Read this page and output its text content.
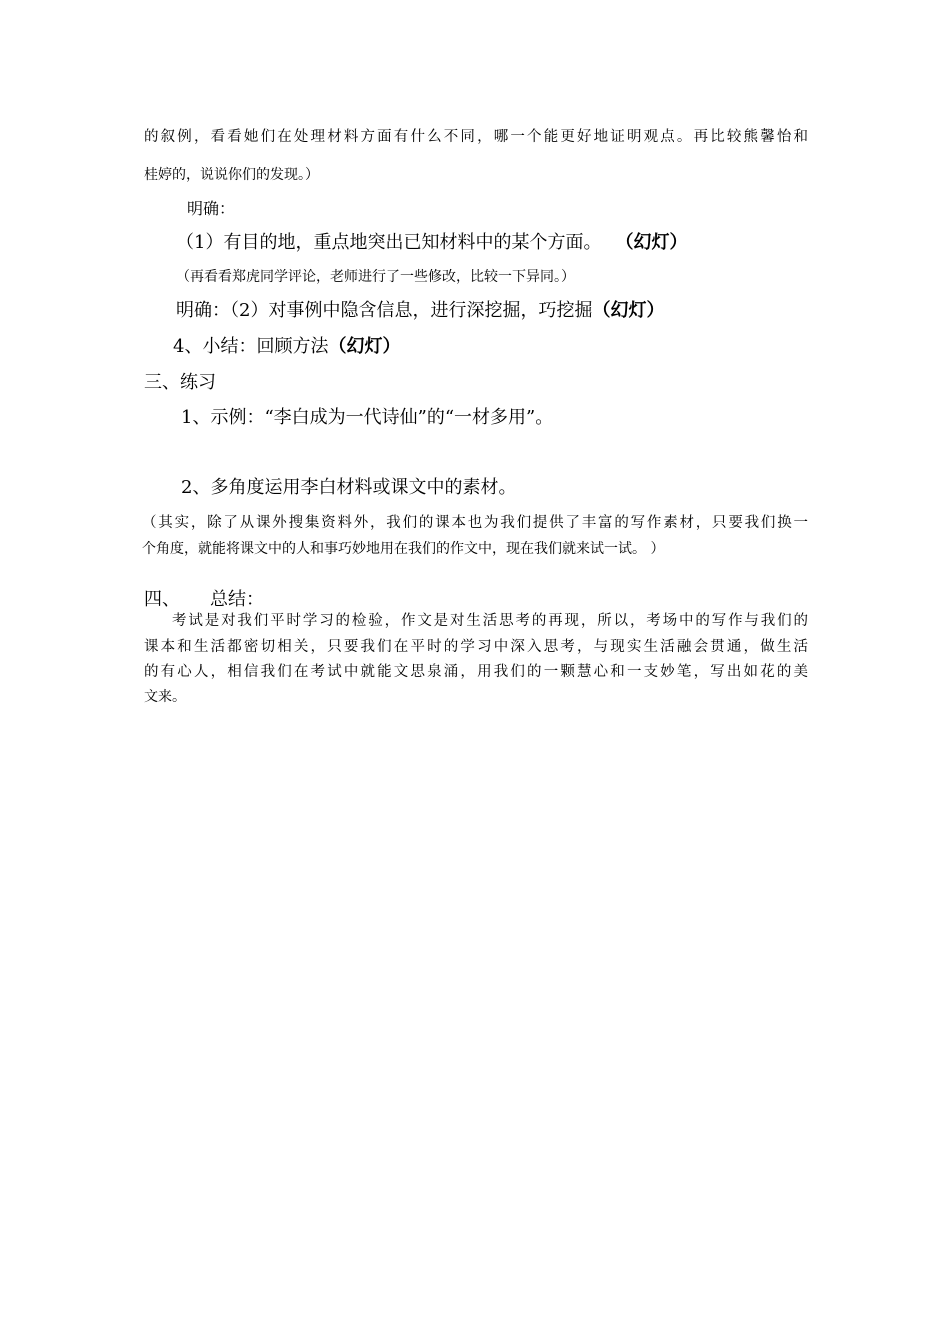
的叙例，看看她们在处理材料方面有什么不同，哪一个能更好地证明观点。再比较熊馨怡和
桂婷的，说说你们的发现。）
明确：
（1）有目的地，重点地突出已知材料中的某个方面。 （幻灯）
（再看看郑虎同学评论，老师进行了一些修改，比较一下异同。）
明确：（2）对事例中隐含信息，进行深挖掘，巧挖掘（幻灯）
4、小结：回顾方法（幻灯）
三、练习
1、示例：“李白成为一代诗仙”的“一材多用”。
2、多角度运用李白材料或课文中的素材。
（其实，除了从课外搜集资料外，我们的课本也为我们提供了丰富的写作素材，只要我们换一
个角度，就能将课文中的人和事巧妙地用在我们的作文中，现在我们就来试一试。 ）
四、 总结：
考试是对我们平时学习的检验，作文是对生活思考的再现，所以，考场中的写作与我们的
课本和生活都密切相关，只要我们在平时的学习中深入思考，与现实生活融会贯通，做生活
的有心人，相信我们在考试中就能文思泉涌，用我们的一颗慧心和一支妙笔，写出如花的美
文来。
